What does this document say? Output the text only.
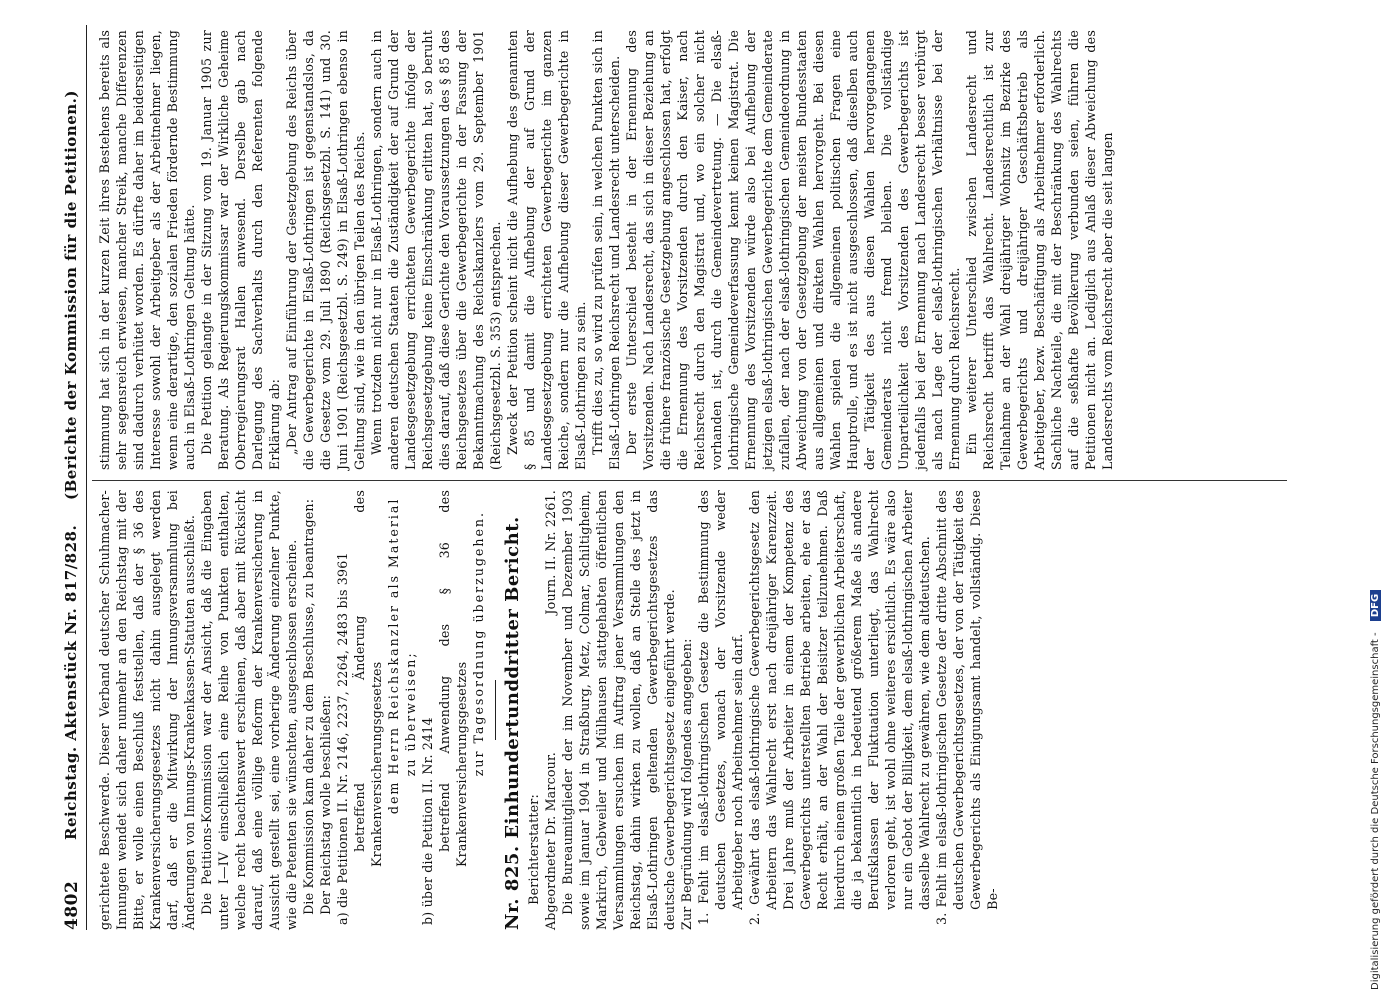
4802
Reichstag. Aktenstück Nr. 817/828.
(Berichte der Kommission für die Petitionen.)

gerichtete Beschwerde. Dieser Verband deutscher Schuhmacher-Innungen wendet sich daher nunmehr an den Reichstag mit der Bitte, er wolle einen Beschluß feststellen, daß der § 36 des Krankenversicherungsgesetzes nicht dahin ausgelegt werden darf, daß er die Mitwirkung der Innungsversammlung bei Änderungen von Innungs-Krankenkassen-Statuten ausschließt. Die Petitions-Kommission war der Ansicht, daß die Eingaben unter I—IV einschließlich eine Reihe von Punkten enthalten, welche recht beachtenswert erschienen, daß aber mit Rücksicht darauf, daß eine völlige Reform der Krankenversicherung in Aussicht gestellt sei, eine vorherige Änderung einzelner Punkte, wie die Petenten sie wünschten, ausgeschlossen erscheine. Die Kommission kam daher zu dem Beschlusse, zu beantragen: Der Reichstag wolle beschließen: a) die Petitionen II. Nr. 2146, 2237, 2264, 2483 bis 3961 betreffend Änderung des Krankenversicherungsgesetzes dem Herrn Reichskanzler als Material zu überweisen;

b) über die Petition II. Nr. 2414 betreffend Anwendung des § 36 des Krankenversicherungsgesetzes zur Tagesordnung überzugehen. Nr. 825. Einhundertunddritter Bericht. Berichterstatter: Abgeordneter Dr. Marcour.
Journ. II. Nr. 2261. Die Bureaumitglieder der im November und Dezember 1903 sowie im Januar 1904 in Straßburg, Metz, Colmar, Schiltigheim, Markirch, Gebweiler und Mülhausen stattgehabten öffentlichen Versammlungen ersuchen im Auftrag jener Versammlungen den Reichstag, dahin wirken zu wollen, daß an Stelle des jetzt in Elsaß-Lothringen geltenden Gewerbegerichtsgesetzes das deutsche Gewerbegerichtsgesetz eingeführt werde. Zur Begründung wird folgendes angegeben: 1. Fehlt im elsaß-lothringischen Gesetze die Bestimmung des deutschen Gesetzes, wonach der Vorsitzende weder Arbeitgeber noch Arbeitnehmer sein darf. 2. Gewährt das elsaß-lothringische Gewerbegerichtsgesetz den Arbeitern das Wahlrecht erst nach dreijähriger Karenzzeit. Drei Jahre muß der Arbeiter in einem der Kompetenz des Gewerbegerichts unterstellten Betriebe arbeiten, ehe er das Recht erhält, an der Wahl der Beisitzer teilzunehmen. Daß hierdurch einem großen Teile der gewerblichen Arbeiterschaft, die ja bekanntlich in bedeutend größerem Maße als andere Berufsklassen der Fluktuation unterliegt, das Wahlrecht verloren geht, ist wohl ohne weiteres ersichtlich. Es wäre also nur ein Gebot der Billigkeit, dem elsaß-lothringischen Arbeiter dasselbe Wahlrecht zu gewähren, wie dem altdeutschen. 3. Fehlt im elsaß-lothringischen Gesetze der dritte Abschnitt des deutschen Gewerbegerichtsgesetzes, der von der Tätigkeit des Gewerbegerichts als Einigungsamt handelt, vollständig. Diese Be-

stimmung hat sich in der kurzen Zeit ihres Bestehens bereits als sehr segensreich erwiesen, mancher Streik, manche Differenzen sind dadurch verhütet worden. Es dürfte daher im beiderseitigen Interesse sowohl der Arbeitgeber als der Arbeitnehmer liegen, wenn eine derartige, den sozialen Frieden fördernde Bestimmung auch in Elsaß-Lothringen Geltung hätte. Die Petition gelangte in der Sitzung vom 19. Januar 1905 zur Beratung. Als Regierungskommissar war der Wirkliche Geheime Oberregierungsrat Hallen anwesend. Derselbe gab nach Darlegung des Sachverhalts durch den Referenten folgende Erklärung ab: „Der Antrag auf Einführung der Gesetzgebung des Reichs über die Gewerbegerichte in Elsaß-Lothringen ist gegenstandslos, da die Gesetze vom 29. Juli 1890 (Reichsgesetzbl. S. 141) und 30. Juni 1901 (Reichsgesetzbl. S. 249) in Elsaß-Lothringen ebenso in Geltung sind, wie in den übrigen Teilen des Reichs. Wenn trotzdem nicht nur in Elsaß-Lothringen, sondern auch in anderen deutschen Staaten die Zuständigkeit der auf Grund der Landesgesetzgebung errichteten Gewerbegerichte infolge der Reichsgesetzgebung keine Einschränkung erlitten hat, so beruht dies darauf, daß diese Gerichte den Voraussetzungen des § 85 des Reichsgesetzes über die Gewerbegerichte in der Fassung der Bekanntmachung des Reichskanzlers vom 29. September 1901 (Reichsgesetzbl. S. 353) entsprechen. Zweck der Petition scheint nicht die Aufhebung des genannten § 85 und damit die Aufhebung der auf Grund der Landesgesetzgebung errichteten Gewerbegerichte im ganzen Reiche, sondern nur die Aufhebung dieser Gewerbegerichte in Elsaß-Lothringen zu sein. Trifft dies zu, so wird zu prüfen sein, in welchen Punkten sich in Elsaß-Lothringen Reichsrecht und Landesrecht unterscheiden. Der erste Unterschied besteht in der Ernennung des Vorsitzenden. Nach Landesrecht, das sich in dieser Beziehung an die frühere französische Gesetzgebung angeschlossen hat, erfolgt die Ernennung des Vorsitzenden durch den Kaiser, nach Reichsrecht durch den Magistrat und, wo ein solcher nicht vorhanden ist, durch die Gemeindevertretung. — Die elsaß-lothringische Gemeindeverfassung kennt keinen Magistrat. Die Ernennung des Vorsitzenden würde also bei Aufhebung der jetzigen elsaß-lothringischen Gewerbegerichte dem Gemeinderate zufallen, der nach der elsaß-lothringischen Gemeindeordnung in Abweichung von der Gesetzgebung der meisten Bundesstaaten aus allgemeinen und direkten Wahlen hervorgeht. Bei diesen Wahlen spielen die allgemeinen politischen Fragen eine Hauptrolle, und es ist nicht ausgeschlossen, daß dieselben auch der Tätigkeit des aus diesen Wahlen hervorgegangenen Gemeinderats nicht fremd bleiben. Die vollständige Unparteilichkeit des Vorsitzenden des Gewerbegerichts ist jedenfalls bei der Ernennung nach Landesrecht besser verbürgt als nach Lage der elsaß-lothringischen Verhältnisse bei der Ernennung durch Reichsrecht. Ein weiterer Unterschied zwischen Landesrecht und Reichsrecht betrifft das Wahlrecht. Landesrechtlich ist zur Teilnahme an der Wahl dreijähriger Wohnsitz im Bezirke des Gewerbegerichts und dreijähriger Geschäftsbetrieb als Arbeitgeber, bezw. Beschäftigung als Arbeitnehmer erforderlich. Sachliche Nachteile, die mit der Beschränkung des Wahlrechts auf die seßhafte Bevölkerung verbunden seien, führen die Petitionen nicht an. Lediglich aus Anlaß dieser Abweichung des Landesrechts vom Reichsrecht aber die seit langen

Digitalisierung gefördert durch die Deutsche Forschungsgemeinschaft - DFG
